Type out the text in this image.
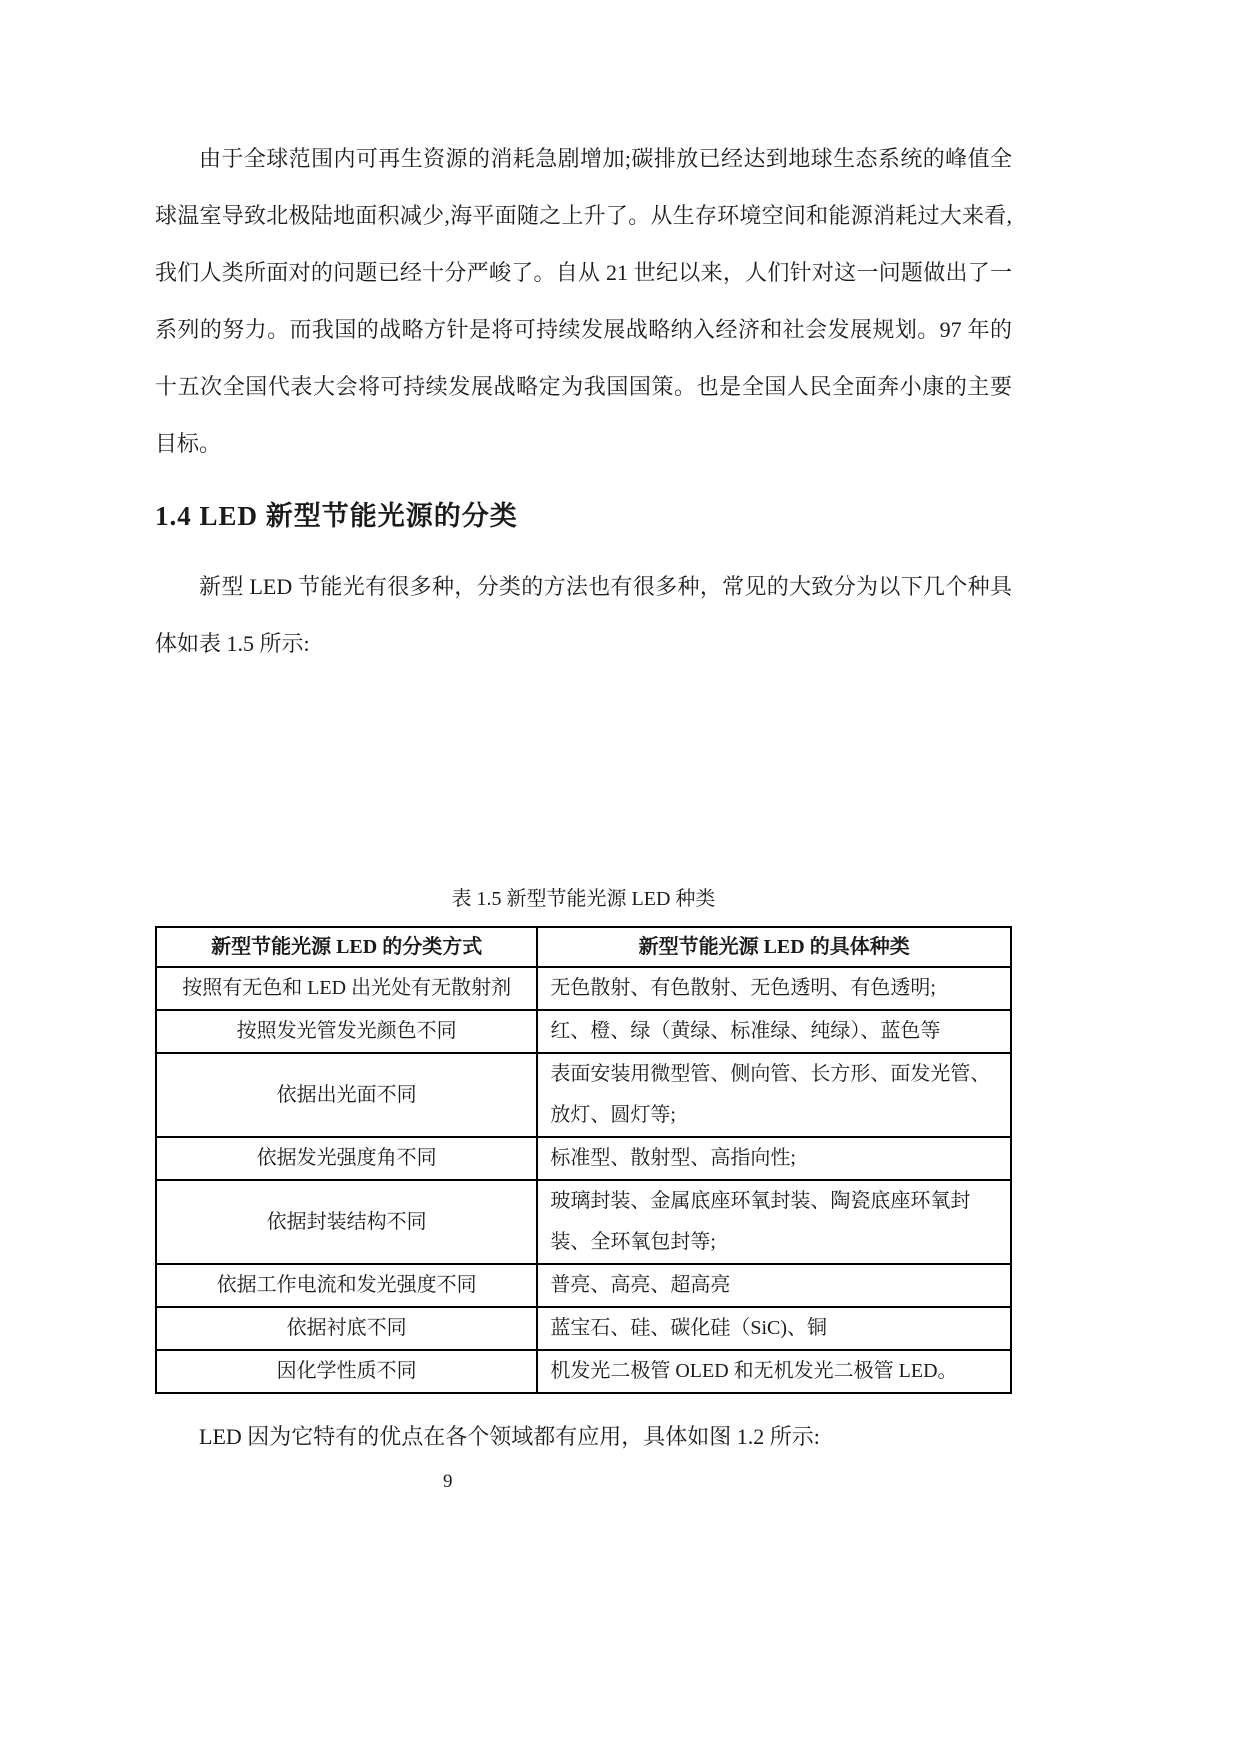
由于全球范围内可再生资源的消耗急剧增加;碳排放已经达到地球生态系统的峰值全球温室导致北极陆地面积减少,海平面随之上升了。从生存环境空间和能源消耗过大来看,我们人类所面对的问题已经十分严峻了。自从 21 世纪以来，人们针对这一问题做出了一系列的努力。而我国的战略方针是将可持续发展战略纳入经济和社会发展规划。97 年的十五次全国代表大会将可持续发展战略定为我国国策。也是全国人民全面奔小康的主要目标。

1.4 LED 新型节能光源的分类

新型 LED 节能光有很多种，分类的方法也有很多种，常见的大致分为以下几个种具体如表 1.5 所示:

表 1.5 新型节能光源 LED 种类
新型节能光源 LED 的分类方式	新型节能光源 LED 的具体种类
按照有无色和 LED 出光处有无散射剂	无色散射、有色散射、无色透明、有色透明;
按照发光管发光颜色不同	红、橙、绿（黄绿、标准绿、纯绿）、蓝色等
依据出光面不同	表面安装用微型管、侧向管、长方形、面发光管、放灯、圆灯等;
依据发光强度角不同	标准型、散射型、高指向性;
依据封装结构不同	玻璃封装、金属底座环氧封装、陶瓷底座环氧封装、全环氧包封等;
依据工作电流和发光强度不同	普亮、高亮、超高亮
依据衬底不同	蓝宝石、硅、碳化硅（SiC)、铜
因化学性质不同	机发光二极管 OLED 和无机发光二极管 LED。

LED 因为它特有的优点在各个领域都有应用，具体如图 1.2 所示:

9
